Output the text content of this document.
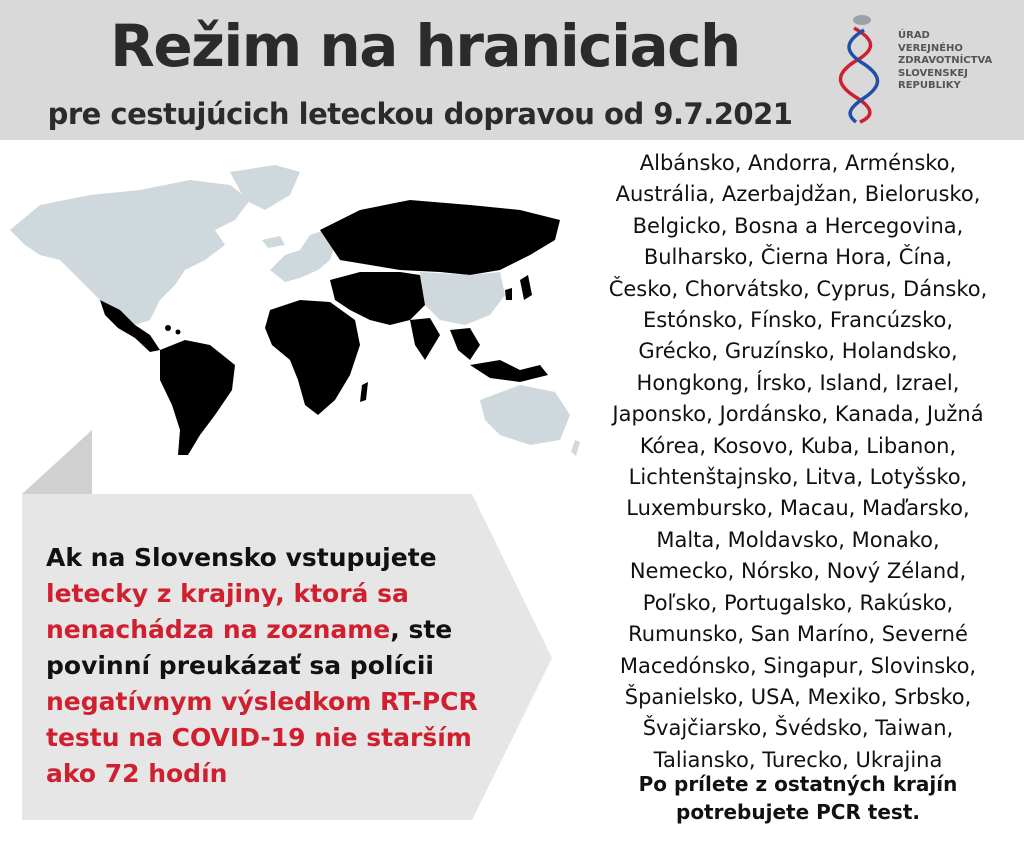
Režim na hraniciach
pre cestujúcich leteckou dopravou od 9.7.2021
ÚRAD
VEREJNÉHO
ZDRAVOTNÍCTVA
SLOVENSKEJ
REPUBLIKY
Ak na Slovensko vstupujete letecky z krajiny, ktorá sa nenachádza na zozname, ste povinní preukázať sa polícii negatívnym výsledkom RT-PCR testu na COVID-19 nie starším ako 72 hodín
Albánsko, Andorra, Arménsko,
Austrália, Azerbajdžan, Bielorusko,
Belgicko, Bosna a Hercegovina,
Bulharsko, Čierna Hora, Čína,
Česko, Chorvátsko, Cyprus, Dánsko,
Estónsko, Fínsko, Francúzsko,
Grécko, Gruzínsko, Holandsko,
Hongkong, Írsko, Island, Izrael,
Japonsko, Jordánsko, Kanada, Južná
Kórea, Kosovo, Kuba, Libanon,
Lichtenštajnsko, Litva, Lotyšsko,
Luxembursko, Macau, Maďarsko,
Malta, Moldavsko, Monako,
Nemecko, Nórsko, Nový Zéland,
Poľsko, Portugalsko, Rakúsko,
Rumunsko, San Maríno, Severné
Macedónsko, Singapur, Slovinsko,
Španielsko, USA, Mexiko, Srbsko,
Švajčiarsko, Švédsko, Taiwan,
Taliansko, Turecko, Ukrajina
Po prílete z ostatných krajín
potrebujete PCR test.
